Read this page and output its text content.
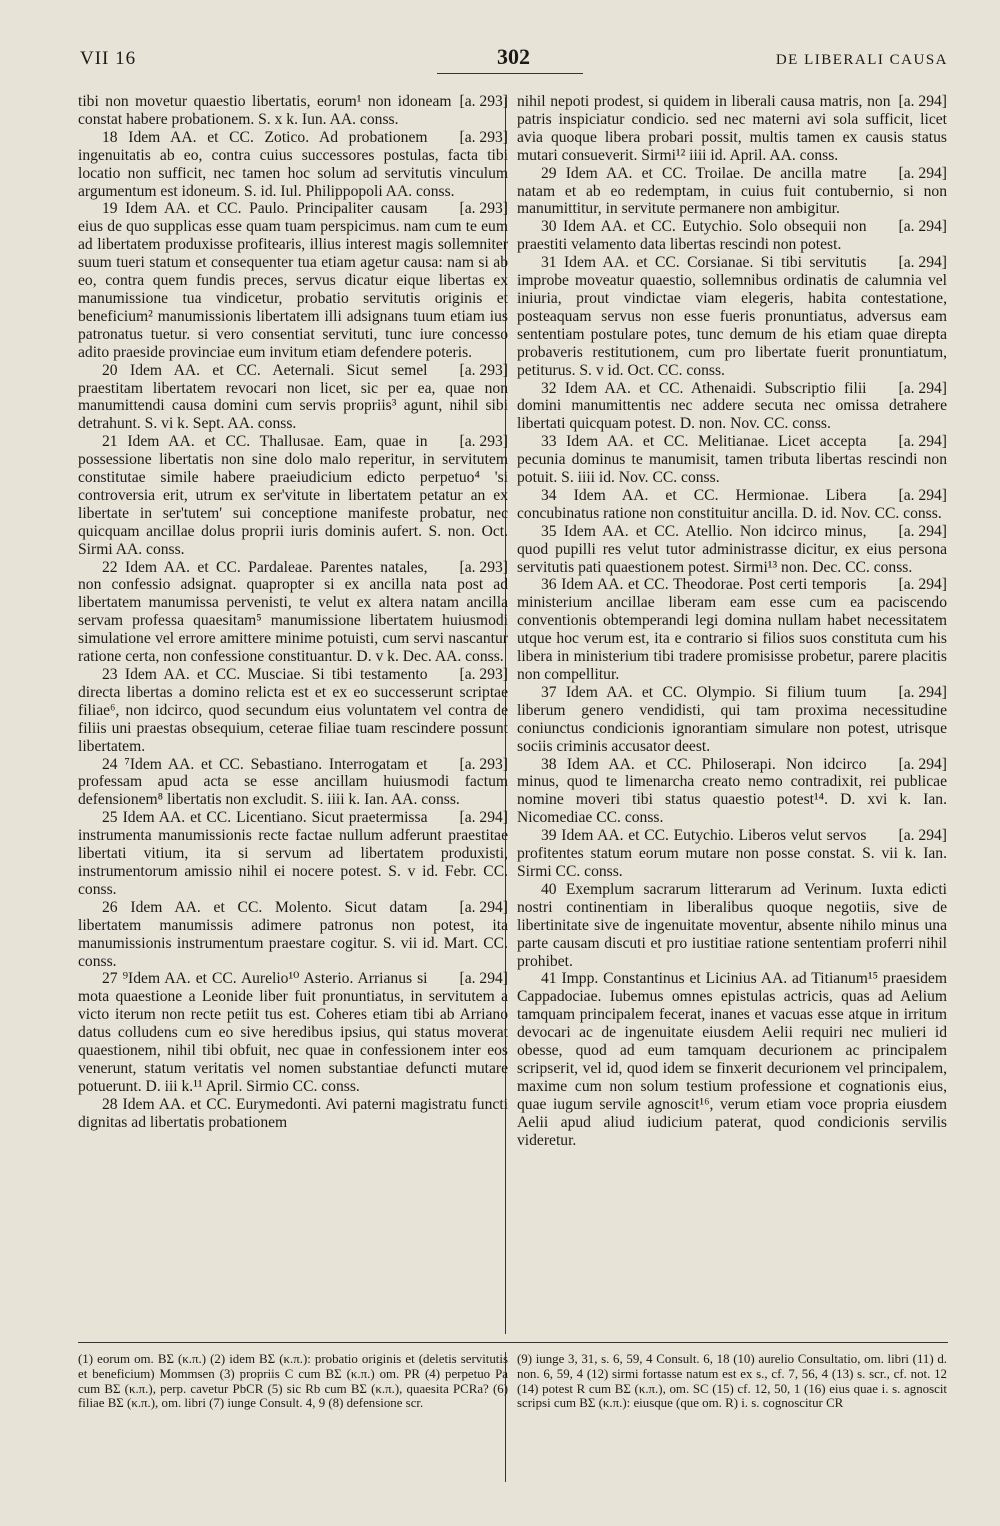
VII 16	302	DE LIBERALI CAUSA

[a. 293]
tibi non movetur quaestio libertatis, eorum¹ non idoneam constat habere probationem. S. x k. Iun. AA. conss.

[a. 293]
18 Idem AA. et CC. Zotico. Ad probationem ingenuitatis ab eo, contra cuius successores postulas, facta tibi locatio non sufficit, nec tamen hoc solum ad servitutis vinculum argumentum est idoneum. S. id. Iul. Philippopoli AA. conss.

[a. 293]
19 Idem AA. et CC. Paulo. Principaliter causam eius de quo supplicas esse quam tuam perspicimus. nam cum te eum ad libertatem produxisse profitearis, illius interest magis sollemniter suum tueri statum et consequenter tua etiam agetur causa: nam si ab eo, contra quem fundis preces, servus dicatur eique libertas ex manumissione tua vindicetur, probatio servitutis originis et beneficium² manumissionis libertatem illi adsignans tuum etiam ius patronatus tuetur. si vero consentiat servituti, tunc iure concesso adito praeside provinciae eum invitum etiam defendere poteris.

[a. 293]
20 Idem AA. et CC. Aeternali. Sicut semel praestitam libertatem revocari non licet, sic per ea, quae non manumittendi causa domini cum servis propriis³ agunt, nihil sibi detrahunt. S. vi k. Sept. AA. conss.

[a. 293]
21 Idem AA. et CC. Thallusae. Eam, quae in possessione libertatis non sine dolo malo reperitur, in servitutem constitutae simile habere praeiudicium edicto perpetuo⁴ 'si controversia erit, utrum ex ser'vitute in libertatem petatur an ex libertate in ser'tutem' sui conceptione manifeste probatur, nec quicquam ancillae dolus proprii iuris dominis aufert. S. non. Oct. Sirmi AA. conss.

[a. 293]
22 Idem AA. et CC. Pardaleae. Parentes natales, non confessio adsignat. quapropter si ex ancilla nata post ad libertatem manumissa pervenisti, te velut ex altera natam ancilla servam professa quaesitam⁵ manumissione libertatem huiusmodi simulatione vel errore amittere minime potuisti, cum servi nascantur ratione certa, non confessione constituantur. D. v k. Dec. AA. conss.

[a. 293]
23 Idem AA. et CC. Musciae. Si tibi testamento directa libertas a domino relicta est et ex eo successerunt scriptae filiae⁶, non idcirco, quod secundum eius voluntatem vel contra de filiis uni praestas obsequium, ceterae filiae tuam rescindere possunt libertatem.

[a. 293]
24 ⁷Idem AA. et CC. Sebastiano. Interrogatam et professam apud acta se esse ancillam huiusmodi factum defensionem⁸ libertatis non excludit. S. iiii k. Ian. AA. conss.

[a. 294]
25 Idem AA. et CC. Licentiano. Sicut praetermissa instrumenta manumissionis recte factae nullum adferunt praestitae libertati vitium, ita si servum ad libertatem produxisti, instrumentorum amissio nihil ei nocere potest. S. v id. Febr. CC. conss.

[a. 294]
26 Idem AA. et CC. Molento. Sicut datam libertatem manumissis adimere patronus non potest, ita manumissionis instrumentum praestare cogitur. S. vii id. Mart. CC. conss.

[a. 294]
27 ⁹Idem AA. et CC. Aurelio¹⁰ Asterio. Arrianus si mota quaestione a Leonide liber fuit pronuntiatus, in servitutem a victo iterum non recte petiit tus est. Coheres etiam tibi ab Arriano datus colludens cum eo sive heredibus ipsius, qui status moverat quaestionem, nihil tibi obfuit, nec quae in confessionem inter eos venerunt, statum veritatis vel nomen substantiae defuncti mutare potuerunt. D. iii k.¹¹ April. Sirmio CC. conss.

28 Idem AA. et CC. Eurymedonti. Avi paterni magistratu functi dignitas ad libertatis probationem

[a. 294]
nihil nepoti prodest, si quidem in liberali causa matris, non patris inspiciatur condicio. sed nec materni avi sola sufficit, licet avia quoque libera probari possit, multis tamen ex causis status mutari consueverit. Sirmi¹² iiii id. April. AA. conss.

[a. 294]
29 Idem AA. et CC. Troilae. De ancilla matre natam et ab eo redemptam, in cuius fuit contubernio, si non manumittitur, in servitute permanere non ambigitur.

[a. 294]
30 Idem AA. et CC. Eutychio. Solo obsequii non praestiti velamento data libertas rescindi non potest.

[a. 294]
31 Idem AA. et CC. Corsianae. Si tibi servitutis improbe moveatur quaestio, sollemnibus ordinatis de calumnia vel iniuria, prout vindictae viam elegeris, habita contestatione, posteaquam servus non esse fueris pronuntiatus, adversus eam sententiam postulare potes, tunc demum de his etiam quae direpta probaveris restitutionem, cum pro libertate fuerit pronuntiatum, petiturus. S. v id. Oct. CC. conss.

[a. 294]
32 Idem AA. et CC. Athenaidi. Subscriptio filii domini manumittentis nec addere secuta nec omissa detrahere libertati quicquam potest. D. non. Nov. CC. conss.

[a. 294]
33 Idem AA. et CC. Melitianae. Licet accepta pecunia dominus te manumisit, tamen tributa libertas rescindi non potuit. S. iiii id. Nov. CC. conss.

[a. 294]
34 Idem AA. et CC. Hermionae. Libera concubinatus ratione non constituitur ancilla. D. id. Nov. CC. conss.

[a. 294]
35 Idem AA. et CC. Atellio. Non idcirco minus, quod pupilli res velut tutor administrasse dicitur, ex eius persona servitutis pati quaestionem potest. Sirmi¹³ non. Dec. CC. conss.

[a. 294]
36 Idem AA. et CC. Theodorae. Post certi temporis ministerium ancillae liberam eam esse cum ea paciscendo conventionis obtemperandi legi domina nullam habet necessitatem utque hoc verum est, ita e contrario si filios suos constituta cum his libera in ministerium tibi tradere promisisse probetur, parere placitis non compellitur.

[a. 294]
37 Idem AA. et CC. Olympio. Si filium tuum liberum genero vendidisti, qui tam proxima necessitudine coniunctus condicionis ignorantiam simulare non potest, utrisque sociis criminis accusator deest.

[a. 294]
38 Idem AA. et CC. Philoserapi. Non idcirco minus, quod te limenarcha creato nemo contradixit, rei publicae nomine moveri tibi status quaestio potest¹⁴. D. xvi k. Ian. Nicomediae CC. conss.

[a. 294]
39 Idem AA. et CC. Eutychio. Liberos velut servos profitentes statum eorum mutare non posse constat. S. vii k. Ian. Sirmi CC. conss.

40 Exemplum sacrarum litterarum ad Verinum. Iuxta edicti nostri continentiam in liberalibus quoque negotiis, sive de libertinitate sive de ingenuitate moventur, absente nihilo minus una parte causam discuti et pro iustitiae ratione sententiam proferri nihil prohibet.

41 Impp. Constantinus et Licinius AA. ad Titianum¹⁵ praesidem Cappadociae. Iubemus omnes epistulas actricis, quas ad Aelium tamquam principalem fecerat, inanes et vacuas esse atque in irritum devocari ac de ingenuitate eiusdem Aelii requiri nec mulieri id obesse, quod ad eum tamquam decurionem ac principalem scripserit, vel id, quod idem se finxerit decurionem vel principalem, maxime cum non solum testium professione et cognationis eius, quae iugum servile agnoscit¹⁶, verum etiam voce propria eiusdem Aelii apud aliud iudicium paterat, quod condicionis servilis videretur.

(1) eorum om. BΣ (κ.π.) (2) idem BΣ (κ.π.): probatio originis et (deletis servitutis et beneficium) Mommsen (3) propriis C cum BΣ (κ.π.) om. PR (4) perpetuo Pa cum BΣ (κ.π.), perp. cavetur PbCR (5) sic Rb cum BΣ (κ.π.), quaesita PCRa? (6) filiae BΣ (κ.π.), om. libri (7) iunge Consult. 4, 9 (8) defensione scr.
(9) iunge 3, 31, s. 6, 59, 4 Consult. 6, 18 (10) aurelio Consultatio, om. libri (11) d. non. 6, 59, 4 (12) sirmi fortasse natum est ex s., cf. 7, 56, 4 (13) s. scr., cf. not. 12 (14) potest R cum BΣ (κ.π.), om. SC (15) cf. 12, 50, 1 (16) eius quae i. s. agnoscit scripsi cum BΣ (κ.π.): eiusque (que om. R) i. s. cognoscitur CR
